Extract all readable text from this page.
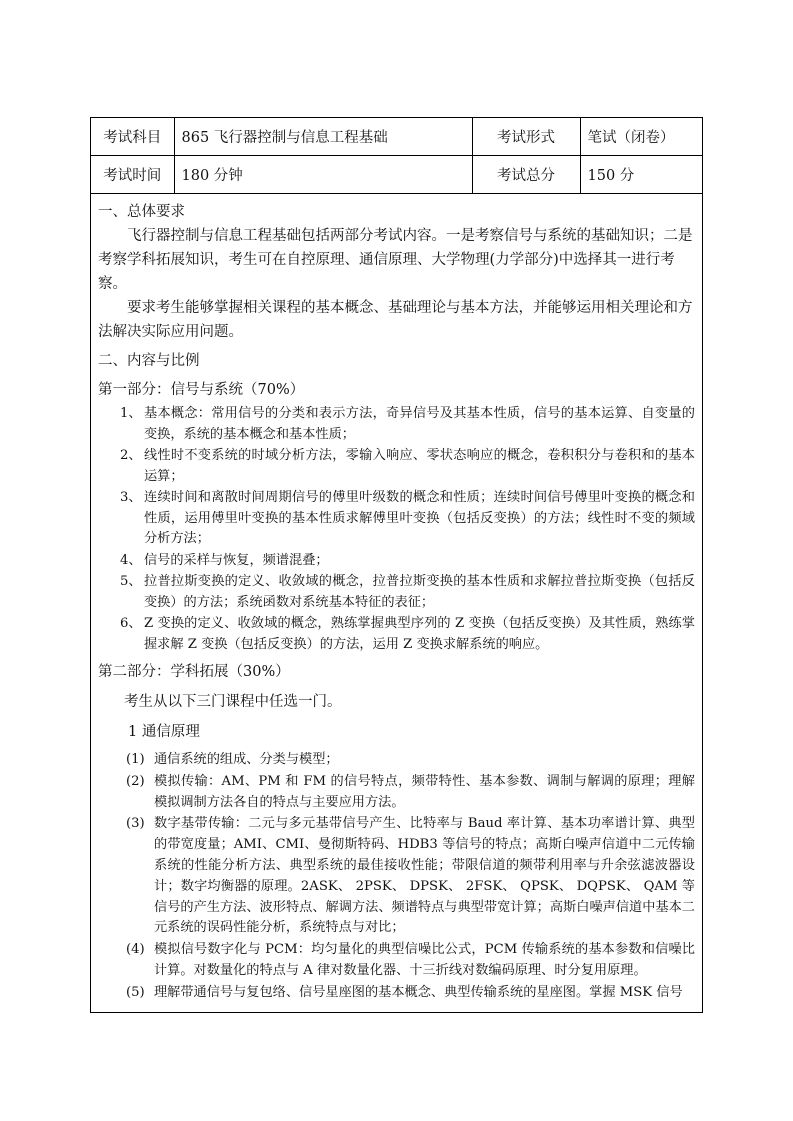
考试科目	865 飞行器控制与信息工程基础	考试形式	笔试（闭卷）
考试时间	180 分钟	考试总分	150 分

一、总体要求

飞行器控制与信息工程基础包括两部分考试内容。一是考察信号与系统的基础知识；二是考察学科拓展知识，考生可在自控原理、通信原理、大学物理(力学部分)中选择其一进行考察。

要求考生能够掌握相关课程的基本概念、基础理论与基本方法，并能够运用相关理论和方法解决实际应用问题。

二、内容与比例

第一部分：信号与系统（70%）

1、 基本概念：常用信号的分类和表示方法，奇异信号及其基本性质，信号的基本运算、自变量的变换，系统的基本概念和基本性质；
2、 线性时不变系统的时域分析方法，零输入响应、零状态响应的概念，卷积积分与卷积和的基本运算；
3、 连续时间和离散时间周期信号的傅里叶级数的概念和性质；连续时间信号傅里叶变换的概念和性质，运用傅里叶变换的基本性质求解傅里叶变换（包括反变换）的方法；线性时不变的频域分析方法；
4、 信号的采样与恢复，频谱混叠；
5、 拉普拉斯变换的定义、收敛域的概念，拉普拉斯变换的基本性质和求解拉普拉斯变换（包括反变换）的方法；系统函数对系统基本特征的表征；
6、 Z 变换的定义、收敛域的概念，熟练掌握典型序列的 Z 变换（包括反变换）及其性质，熟练掌握求解 Z 变换（包括反变换）的方法，运用 Z 变换求解系统的响应。

第二部分：学科拓展（30%）

考生从以下三门课程中任选一门。

1 通信原理

(1) 通信系统的组成、分类与模型；
(2) 模拟传输：AM、PM 和 FM 的信号特点，频带特性、基本参数、调制与解调的原理；理解模拟调制方法各自的特点与主要应用方法。
(3) 数字基带传输：二元与多元基带信号产生、比特率与 Baud 率计算、基本功率谱计算、典型的带宽度量；AMI、CMI、曼彻斯特码、HDB3 等信号的特点；高斯白噪声信道中二元传输系统的性能分析方法、典型系统的最佳接收性能；带限信道的频带利用率与升余弦滤波器设计；数字均衡器的原理。2ASK、 2PSK、 DPSK、 2FSK、 QPSK、 DQPSK、 QAM 等信号的产生方法、波形特点、解调方法、频谱特点与典型带宽计算；高斯白噪声信道中基本二元系统的误码性能分析，系统特点与对比；
(4) 模拟信号数字化与 PCM：均匀量化的典型信噪比公式，PCM 传输系统的基本参数和信噪比计算。对数量化的特点与 A 律对数量化器、十三折线对数编码原理、时分复用原理。
(5) 理解带通信号与复包络、信号星座图的基本概念、典型传输系统的星座图。掌握 MSK 信号
